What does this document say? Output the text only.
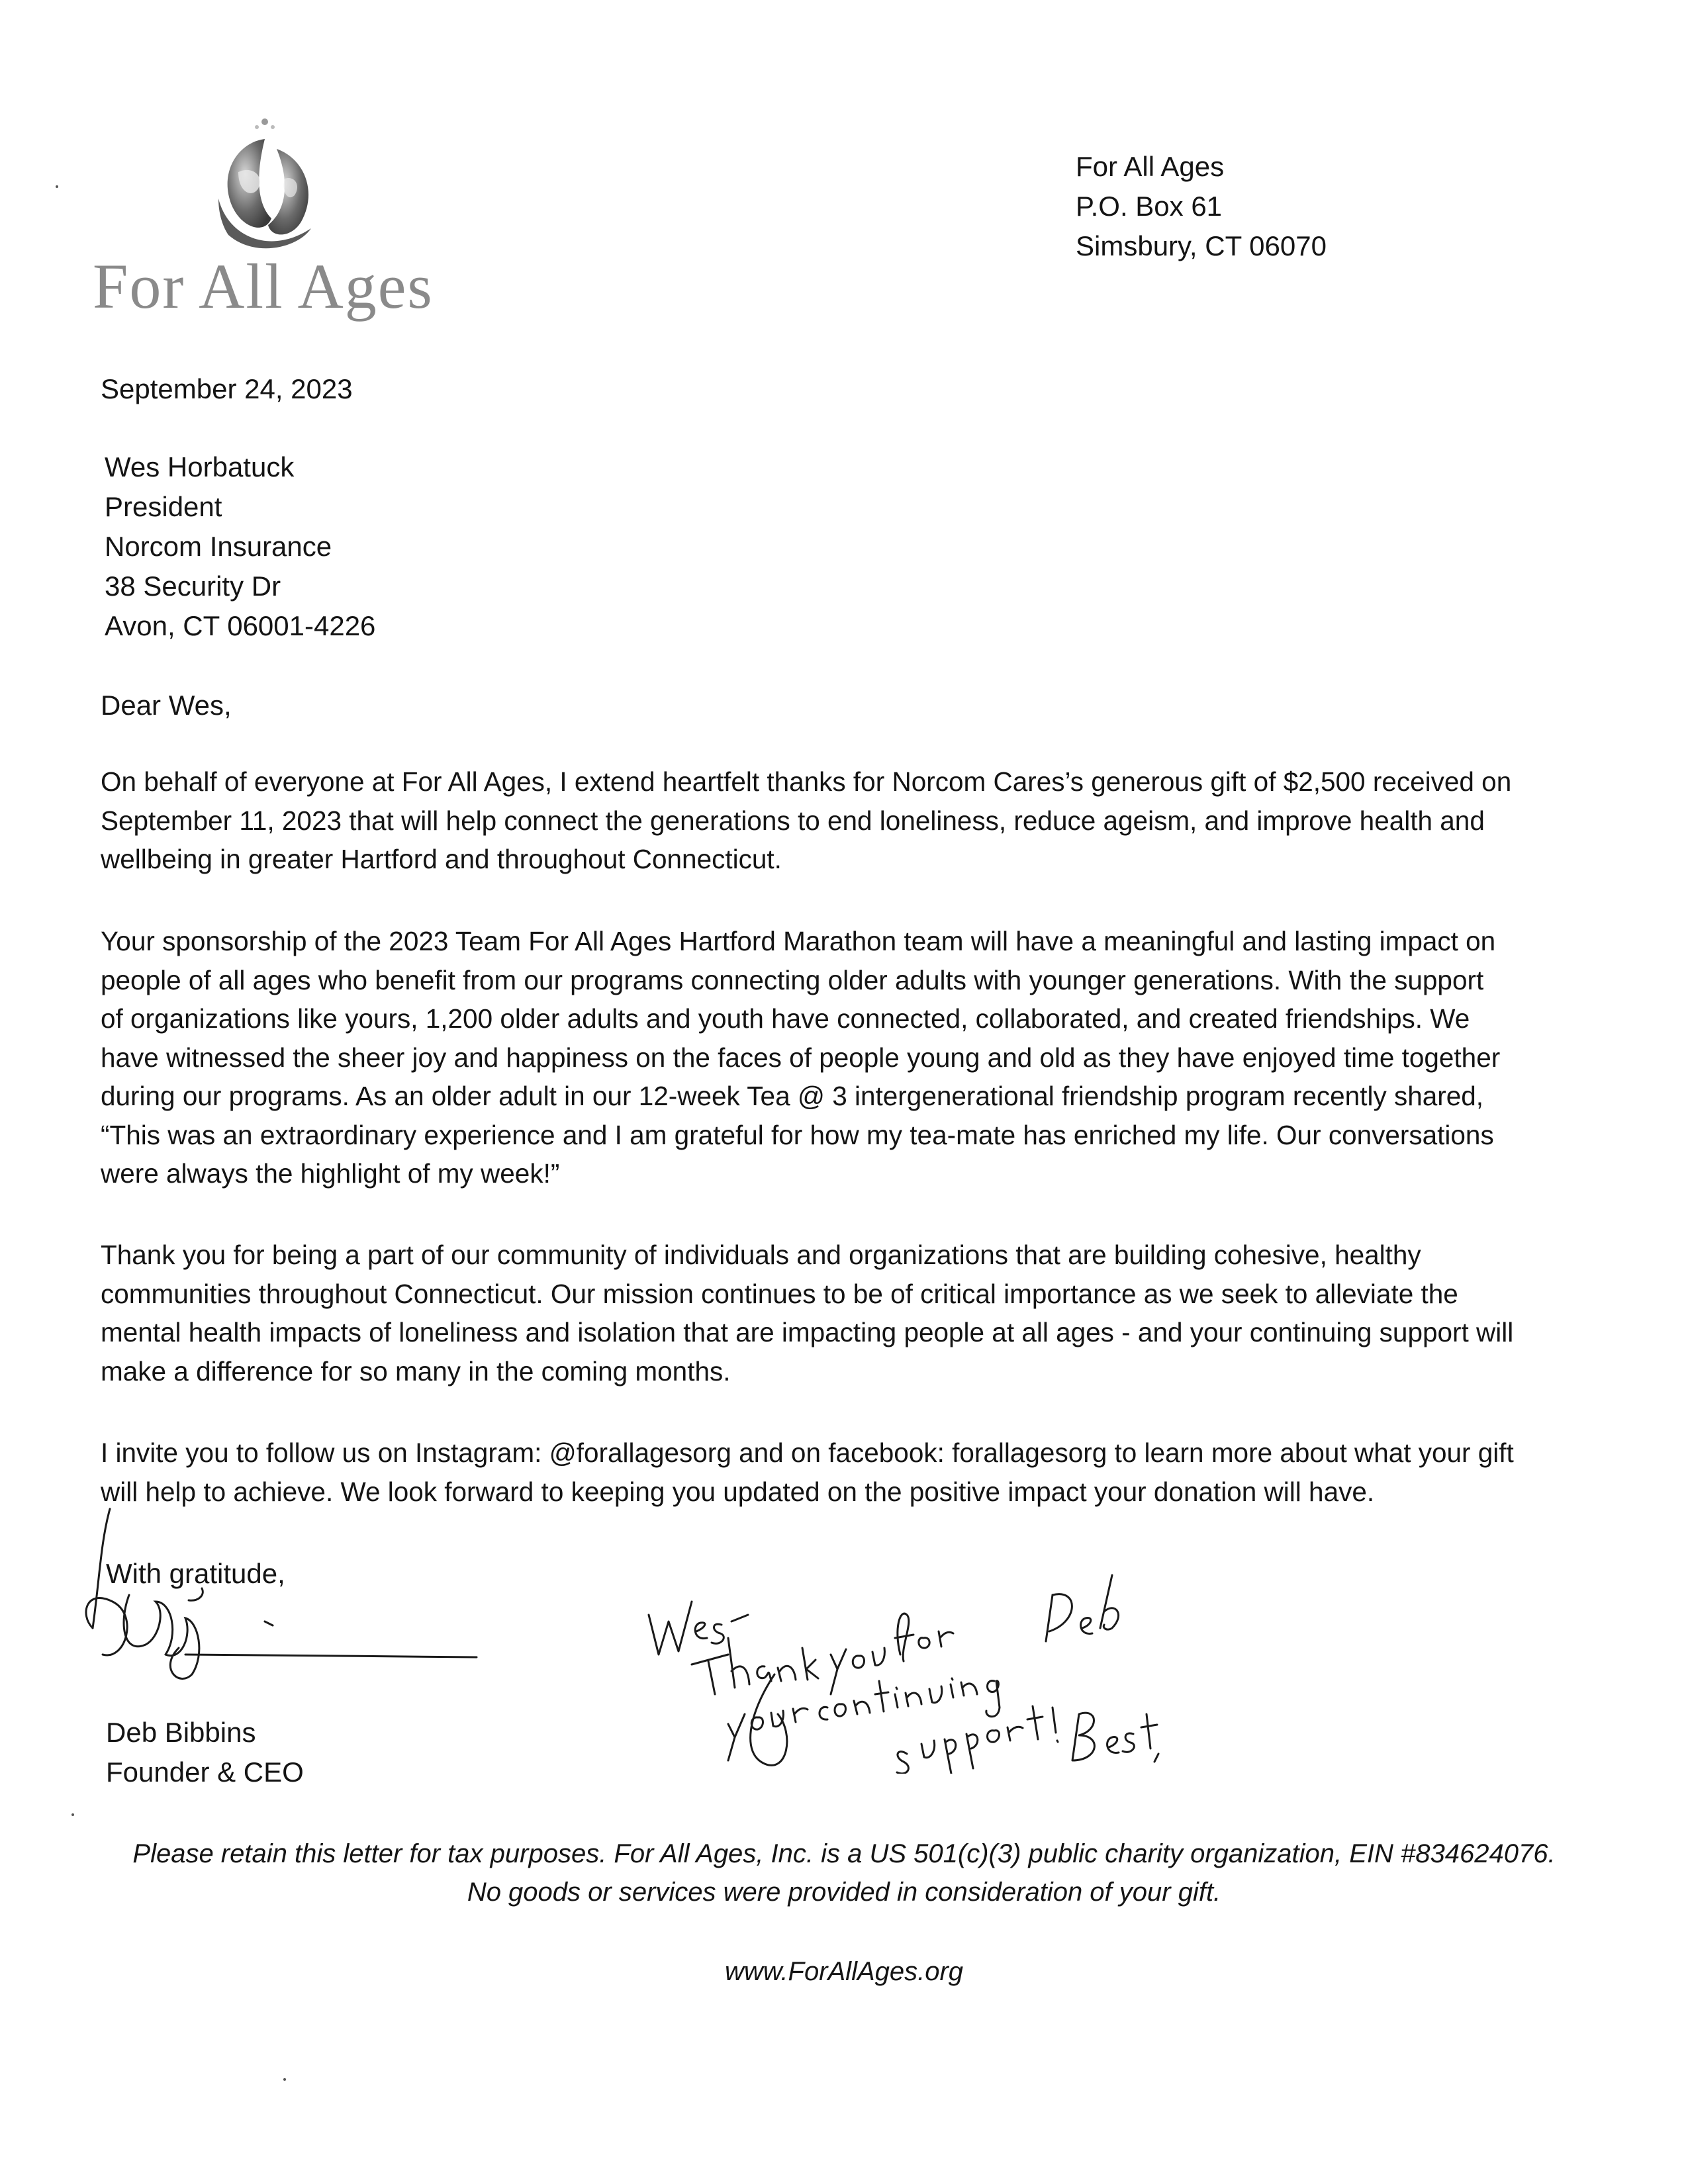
For All Ages
For All Ages
P.O. Box 61
Simsbury, CT 06070
September 24, 2023
Wes Horbatuck
President
Norcom Insurance
38 Security Dr
Avon, CT 06001-4226
Dear Wes,

On behalf of everyone at For All Ages, I extend heartfelt thanks for Norcom Cares’s generous gift of $2,500 received on
September 11, 2023 that will help connect the generations to end loneliness, reduce ageism, and improve health and
wellbeing in greater Hartford and throughout Connecticut.

Your sponsorship of the 2023 Team For All Ages Hartford Marathon team will have a meaningful and lasting impact on
people of all ages who benefit from our programs connecting older adults with younger generations. With the support
of organizations like yours, 1,200 older adults and youth have connected, collaborated, and created friendships. We
have witnessed the sheer joy and happiness on the faces of people young and old as they have enjoyed time together
during our programs. As an older adult in our 12-week Tea @ 3 intergenerational friendship program recently shared,
“This was an extraordinary experience and I am grateful for how my tea-mate has enriched my life. Our conversations
were always the highlight of my week!”

Thank you for being a part of our community of individuals and organizations that are building cohesive, healthy
communities throughout Connecticut. Our mission continues to be of critical importance as we seek to alleviate the
mental health impacts of loneliness and isolation that are impacting people at all ages - and your continuing support will
make a difference for so many in the coming months.

I invite you to follow us on Instagram: @forallagesorg and on facebook: forallagesorg to learn more about what your gift
will help to achieve. We look forward to keeping you updated on the positive impact your donation will have.

With gratitude,
Deb Bibbins
Founder & CEO
Please retain this letter for tax purposes. For All Ages, Inc. is a US 501(c)(3) public charity organization, EIN #834624076.
No goods or services were provided in consideration of your gift.
www.ForAllAges.org
